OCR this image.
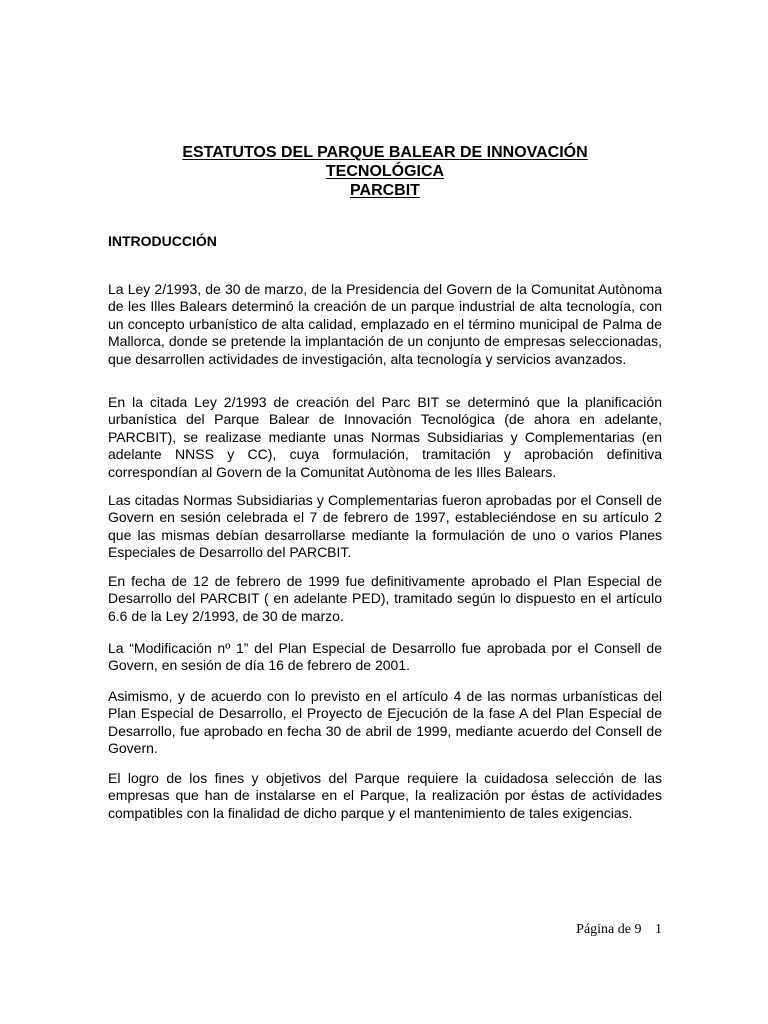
ESTATUTOS DEL PARQUE BALEAR DE INNOVACIÓN
TECNOLÓGICA
PARCBIT
INTRODUCCIÓN

La Ley 2/1993, de 30 de marzo, de la Presidencia del Govern de la Comunitat Autònoma de les Illes Balears determinó la creación de un parque industrial de alta tecnología, con un concepto urbanístico de alta calidad, emplazado en el término municipal de Palma de Mallorca, donde se pretende la implantación de un conjunto de empresas seleccionadas, que desarrollen actividades de investigación, alta tecnología y servicios avanzados.

En la citada Ley 2/1993 de creación del Parc BIT se determinó que la planificación urbanística del Parque Balear de Innovación Tecnológica (de ahora en adelante, PARCBIT), se realizase mediante unas Normas Subsidiarias y Complementarias (en adelante NNSS y CC), cuya formulación, tramitación y aprobación definitiva correspondían al Govern de la Comunitat Autònoma de les Illes Balears.

Las citadas Normas Subsidiarias y Complementarias fueron aprobadas por el Consell de Govern en sesión celebrada el 7 de febrero de 1997, estableciéndose en su artículo 2 que las mismas debían desarrollarse mediante la formulación de uno o varios Planes Especiales de Desarrollo del PARCBIT.

En fecha de 12 de febrero de 1999 fue definitivamente aprobado el Plan Especial de Desarrollo del PARCBIT ( en adelante PED), tramitado según lo dispuesto en el artículo 6.6 de la Ley 2/1993, de 30 de marzo.

La “Modificación nº 1” del Plan Especial de Desarrollo fue aprobada por el Consell de Govern, en sesión de día 16 de febrero de 2001.

Asimismo, y de acuerdo con lo previsto en el artículo 4 de las normas urbanísticas del Plan Especial de Desarrollo, el Proyecto de Ejecución de la fase A del Plan Especial de Desarrollo, fue aprobado en fecha 30 de abril de 1999, mediante acuerdo del Consell de Govern.

El logro de los fines y objetivos del Parque requiere la cuidadosa selección de las empresas que han de instalarse en el Parque, la realización por éstas de actividades compatibles con la finalidad de dicho parque y el mantenimiento de tales exigencias.

Página de 9 1
